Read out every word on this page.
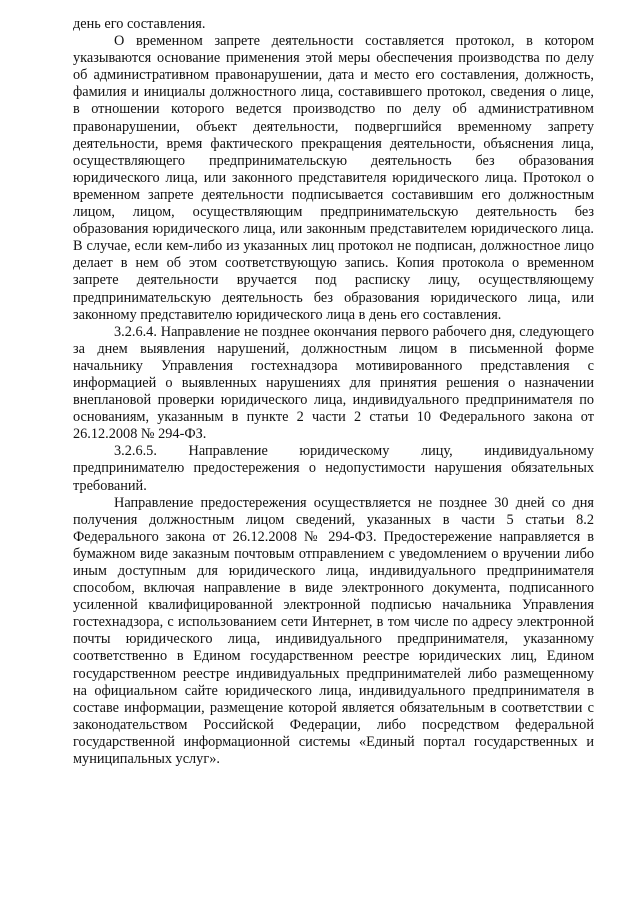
день его составления.

О временном запрете деятельности составляется протокол, в котором указываются основание применения этой меры обеспечения производства по делу об административном правонарушении, дата и место его составления, должность, фамилия и инициалы должностного лица, составившего протокол, сведения о лице, в отношении которого ведется производство по делу об административном правонарушении, объект деятельности, подвергшийся временному запрету деятельности, время фактического прекращения деятельности, объяснения лица, осуществляющего предпринимательскую деятельность без образования юридического лица, или законного представителя юридического лица. Протокол о временном запрете деятельности подписывается составившим его должностным лицом, лицом, осуществляющим предпринимательскую деятельность без образования юридического лица, или законным представителем юридического лица. В случае, если кем-либо из указанных лиц протокол не подписан, должностное лицо делает в нем об этом соответствующую запись. Копия протокола о временном запрете деятельности вручается под расписку лицу, осуществляющему предпринимательскую деятельность без образования юридического лица, или законному представителю юридического лица в день его составления.

3.2.6.4. Направление не позднее окончания первого рабочего дня, следующего за днем выявления нарушений, должностным лицом в письменной форме начальнику Управления гостехнадзора мотивированного представления с информацией о выявленных нарушениях для принятия решения о назначении внеплановой проверки юридического лица, индивидуального предпринимателя по основаниям, указанным в пункте 2 части 2 статьи 10 Федерального закона от 26.12.2008 № 294-ФЗ.

3.2.6.5. Направление юридическому лицу, индивидуальному предпринимателю предостережения о недопустимости нарушения обязательных требований.

Направление предостережения осуществляется не позднее 30 дней со дня получения должностным лицом сведений, указанных в части 5 статьи 8.2 Федерального закона от 26.12.2008 № 294-ФЗ. Предостережение направляется в бумажном виде заказным почтовым отправлением с уведомлением о вручении либо иным доступным для юридического лица, индивидуального предпринимателя способом, включая направление в виде электронного документа, подписанного усиленной квалифицированной электронной подписью начальника Управления гостехнадзора, с использованием сети Интернет, в том числе по адресу электронной почты юридического лица, индивидуального предпринимателя, указанному соответственно в Едином государственном реестре юридических лиц, Едином государственном реестре индивидуальных предпринимателей либо размещенному на официальном сайте юридического лица, индивидуального предпринимателя в составе информации, размещение которой является обязательным в соответствии с законодательством Российской Федерации, либо посредством федеральной государственной информационной системы «Единый портал государственных и муниципальных услуг».
